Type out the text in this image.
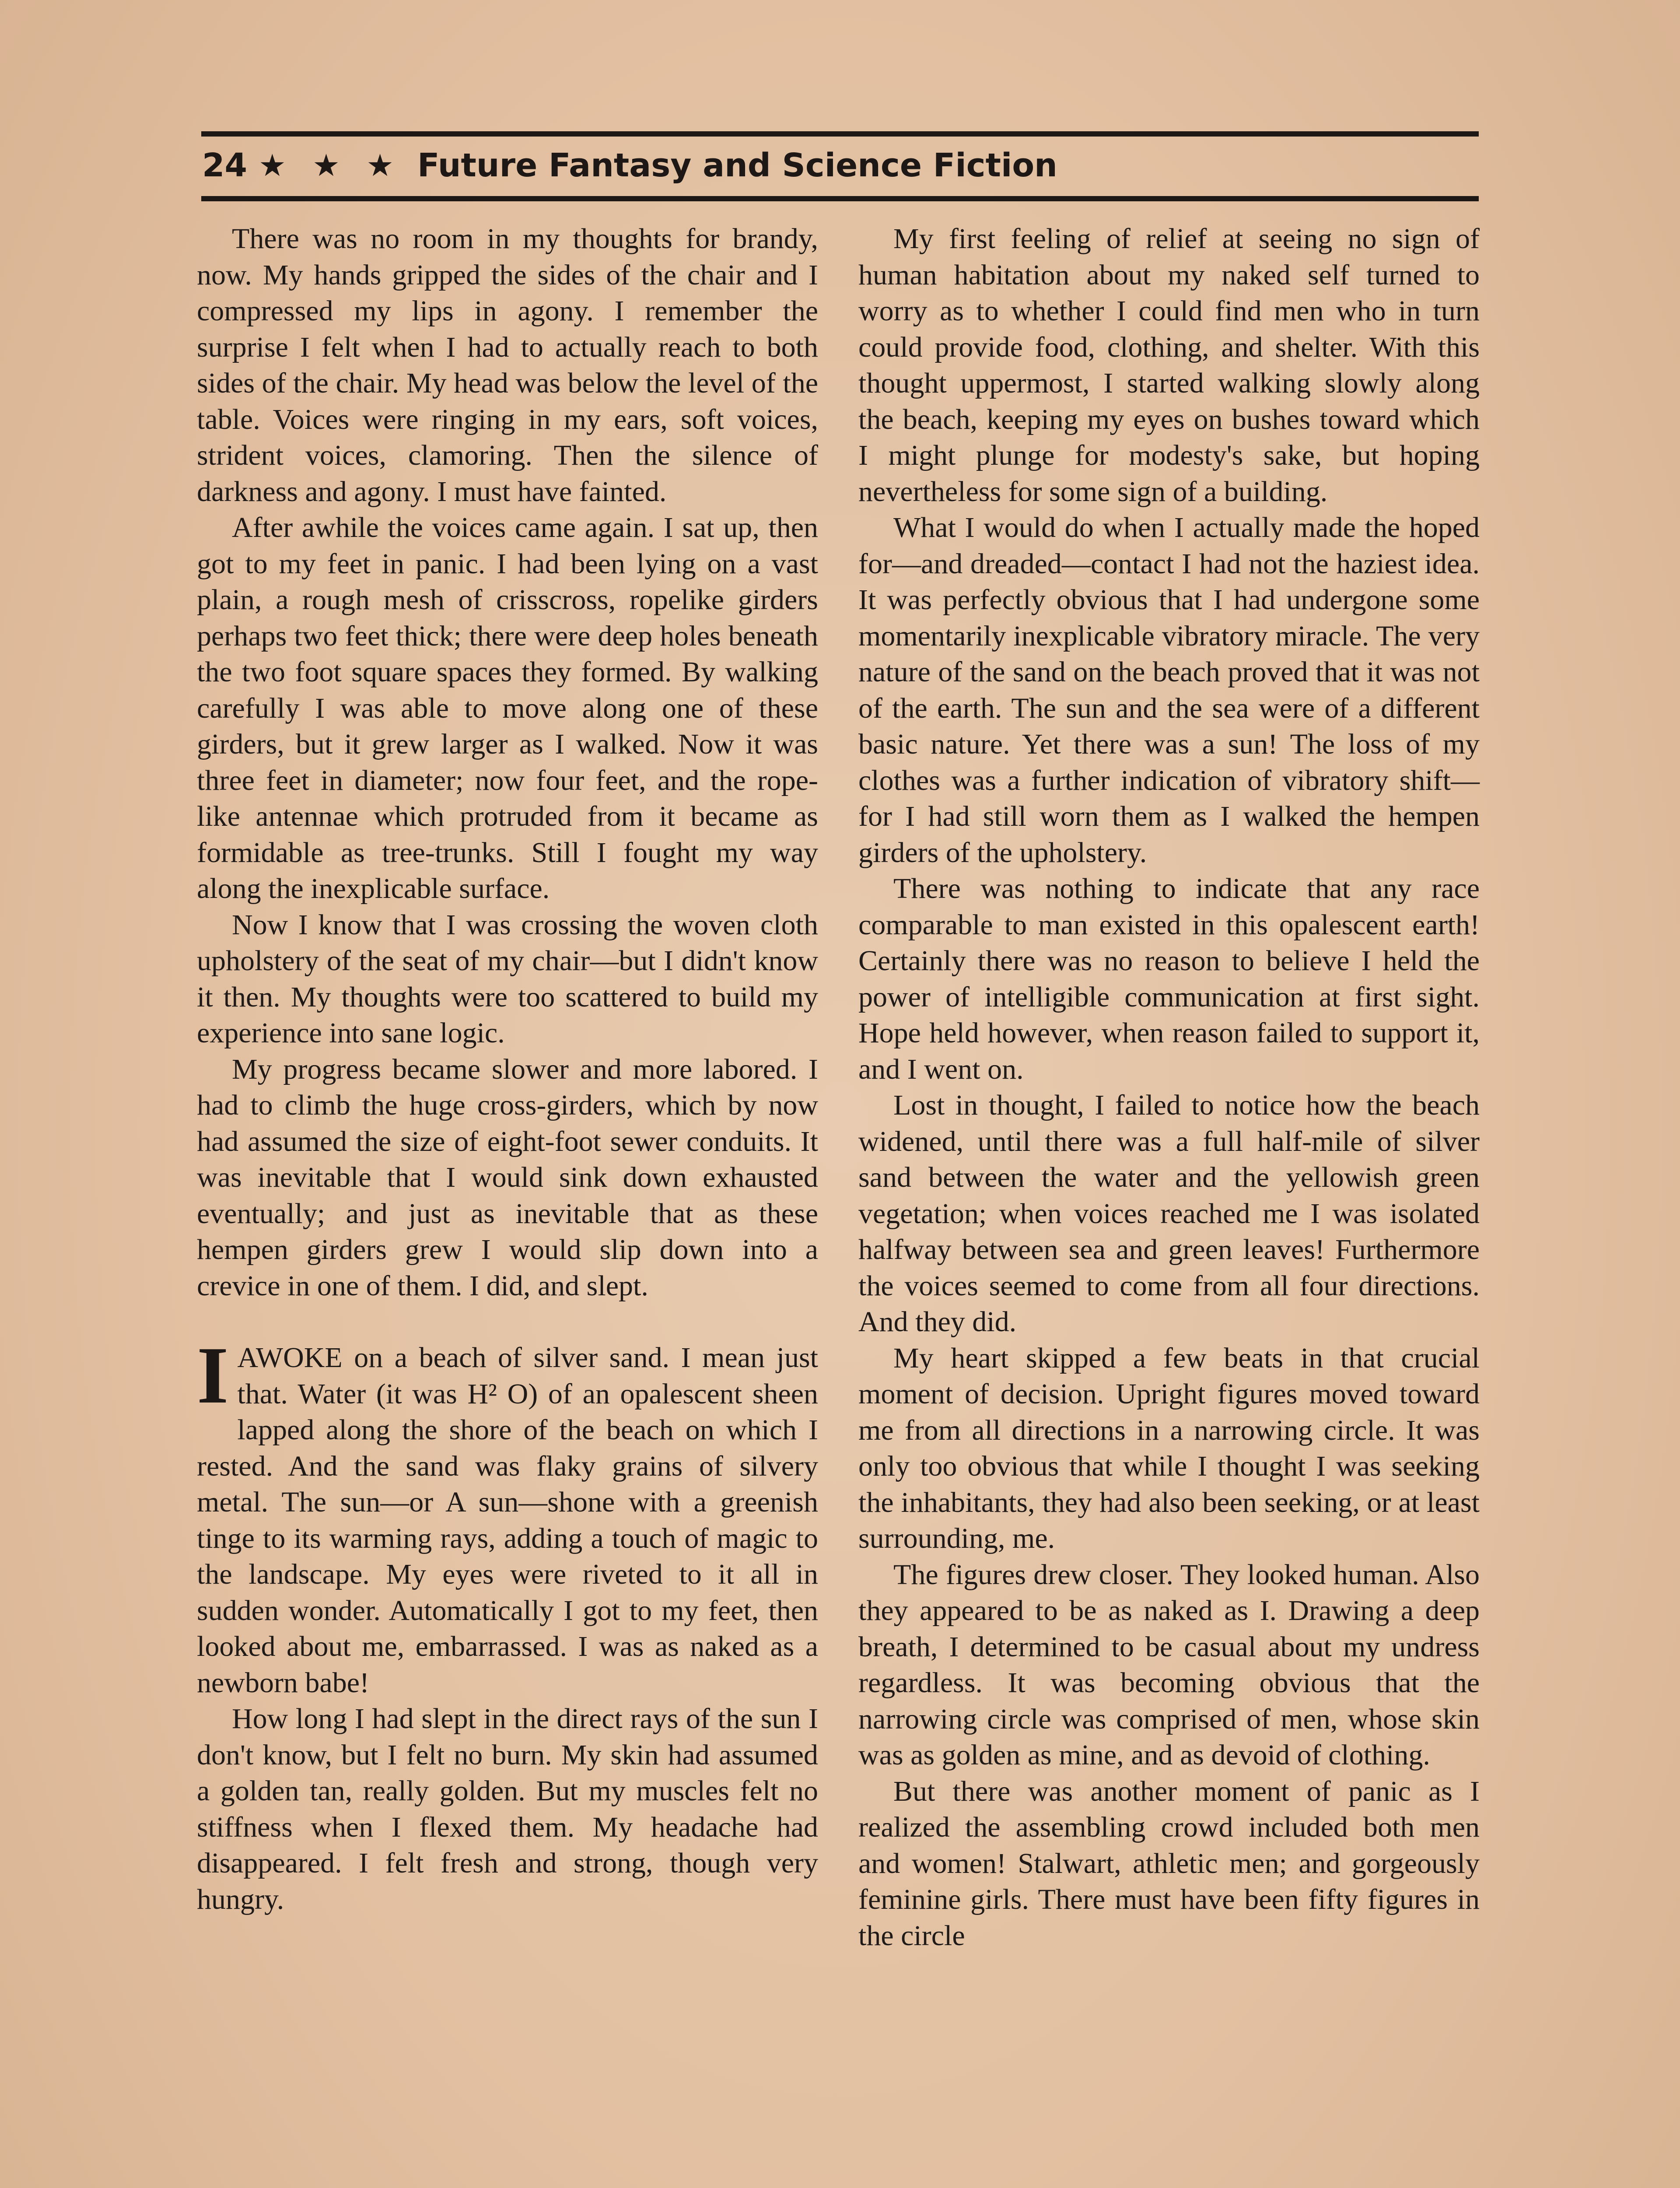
24 ★ ★ ★ Future Fantasy and Science Fiction

There was no room in my thoughts for brandy, now. My hands gripped the sides of the chair and I compressed my lips in agony. I remember the surprise I felt when I had to actually reach to both sides of the chair. My head was below the level of the table. Voices were ringing in my ears, soft voices, strident voices, clamoring. Then the silence of darkness and agony. I must have fainted.

After awhile the voices came again. I sat up, then got to my feet in panic. I had been lying on a vast plain, a rough mesh of crisscross, ropelike girders perhaps two feet thick; there were deep holes beneath the two foot square spaces they formed. By walking carefully I was able to move along one of these girders, but it grew larger as I walked. Now it was three feet in diameter; now four feet, and the rope-like antennae which protruded from it became as formidable as tree-trunks. Still I fought my way along the inexplicable surface.

Now I know that I was crossing the woven cloth upholstery of the seat of my chair—but I didn't know it then. My thoughts were too scattered to build my experience into sane logic.

My progress became slower and more labored. I had to climb the huge cross-girders, which by now had assumed the size of eight-foot sewer conduits. It was inevitable that I would sink down exhausted eventually; and just as inevitable that as these hempen girders grew I would slip down into a crevice in one of them. I did, and slept.

IAWOKE on a beach of silver sand. I mean just that. Water (it was H² O) of an opalescent sheen lapped along the shore of the beach on which I rested. And the sand was flaky grains of silvery metal. The sun—or A sun—shone with a greenish tinge to its warming rays, adding a touch of magic to the landscape. My eyes were riveted to it all in sudden wonder. Automatically I got to my feet, then looked about me, embarrassed. I was as naked as a newborn babe!

How long I had slept in the direct rays of the sun I don't know, but I felt no burn. My skin had assumed a golden tan, really golden. But my muscles felt no stiffness when I flexed them. My headache had disappeared. I felt fresh and strong, though very hungry.

My first feeling of relief at seeing no sign of human habitation about my naked self turned to worry as to whether I could find men who in turn could provide food, clothing, and shelter. With this thought uppermost, I started walking slowly along the beach, keeping my eyes on bushes toward which I might plunge for modesty's sake, but hoping nevertheless for some sign of a building.

What I would do when I actually made the hoped for—and dreaded—contact I had not the haziest idea. It was perfectly obvious that I had undergone some momentarily inexplicable vibratory miracle. The very nature of the sand on the beach proved that it was not of the earth. The sun and the sea were of a different basic nature. Yet there was a sun! The loss of my clothes was a further indication of vibratory shift—for I had still worn them as I walked the hempen girders of the upholstery.

There was nothing to indicate that any race comparable to man existed in this opalescent earth! Certainly there was no reason to believe I held the power of intelligible communication at first sight. Hope held however, when reason failed to support it, and I went on.

Lost in thought, I failed to notice how the beach widened, until there was a full half-mile of silver sand between the water and the yellowish green vegetation; when voices reached me I was isolated halfway between sea and green leaves! Furthermore the voices seemed to come from all four directions. And they did.

My heart skipped a few beats in that crucial moment of decision. Upright figures moved toward me from all directions in a narrowing circle. It was only too obvious that while I thought I was seeking the inhabitants, they had also been seeking, or at least surrounding, me.

The figures drew closer. They looked human. Also they appeared to be as naked as I. Drawing a deep breath, I determined to be casual about my undress regardless. It was becoming obvious that the narrowing circle was comprised of men, whose skin was as golden as mine, and as devoid of clothing.

But there was another moment of panic as I realized the assembling crowd included both men and women! Stalwart, athletic men; and gorgeously feminine girls. There must have been fifty figures in the circle
